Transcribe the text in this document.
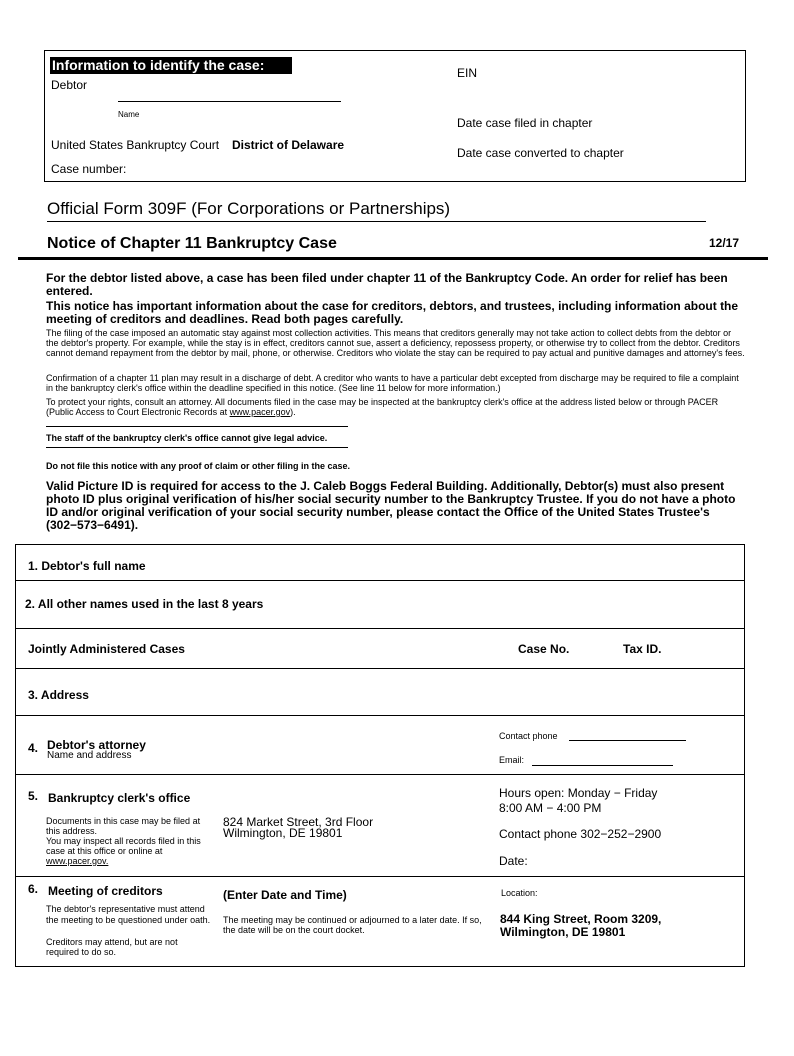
Information to identify the case:
Debtor
Name
United States Bankruptcy Court District of Delaware
Case number:
EIN
Date case filed in chapter
Date case converted to chapter
Official Form 309F (For Corporations or Partnerships)
Notice of Chapter 11 Bankruptcy Case	12/17
For the debtor listed above, a case has been filed under chapter 11 of the Bankruptcy Code. An order for relief has been entered.
This notice has important information about the case for creditors, debtors, and trustees, including information about the meeting of creditors and deadlines. Read both pages carefully.
The filing of the case imposed an automatic stay against most collection activities. This means that creditors generally may not take action to collect debts from the debtor or the debtor's property. For example, while the stay is in effect, creditors cannot sue, assert a deficiency, repossess property, or otherwise try to collect from the debtor. Creditors cannot demand repayment from the debtor by mail, phone, or otherwise. Creditors who violate the stay can be required to pay actual and punitive damages and attorney's fees.
Confirmation of a chapter 11 plan may result in a discharge of debt. A creditor who wants to have a particular debt excepted from discharge may be required to file a complaint in the bankruptcy clerk's office within the deadline specified in this notice. (See line 11 below for more information.)
To protect your rights, consult an attorney. All documents filed in the case may be inspected at the bankruptcy clerk's office at the address listed below or through PACER (Public Access to Court Electronic Records at www.pacer.gov).
The staff of the bankruptcy clerk's office cannot give legal advice.
Do not file this notice with any proof of claim or other filing in the case.
Valid Picture ID is required for access to the J. Caleb Boggs Federal Building. Additionally, Debtor(s) must also present photo ID plus original verification of his/her social security number to the Bankruptcy Trustee. If you do not have a photo ID and/or original verification of your social security number, please contact the Office of the United States Trustee's (302−573−6491).
1. Debtor's full name
2. All other names used in the last 8 years
Jointly Administered Cases	Case No.	Tax ID.
3. Address
4. Debtor's attorney
Name and address
Contact phone
Email:
5. Bankruptcy clerk's office
Documents in this case may be filed at this address.
You may inspect all records filed in this case at this office or online at
www.pacer.gov.
824 Market Street, 3rd Floor
Wilmington, DE 19801
Hours open: Monday − Friday
8:00 AM − 4:00 PM
Contact phone 302−252−2900
Date:
6. Meeting of creditors
The debtor's representative must attend the meeting to be questioned under oath.
Creditors may attend, but are not required to do so.
(Enter Date and Time)
The meeting may be continued or adjourned to a later date. If so, the date will be on the court docket.
Location:
844 King Street, Room 3209,
Wilmington, DE 19801
